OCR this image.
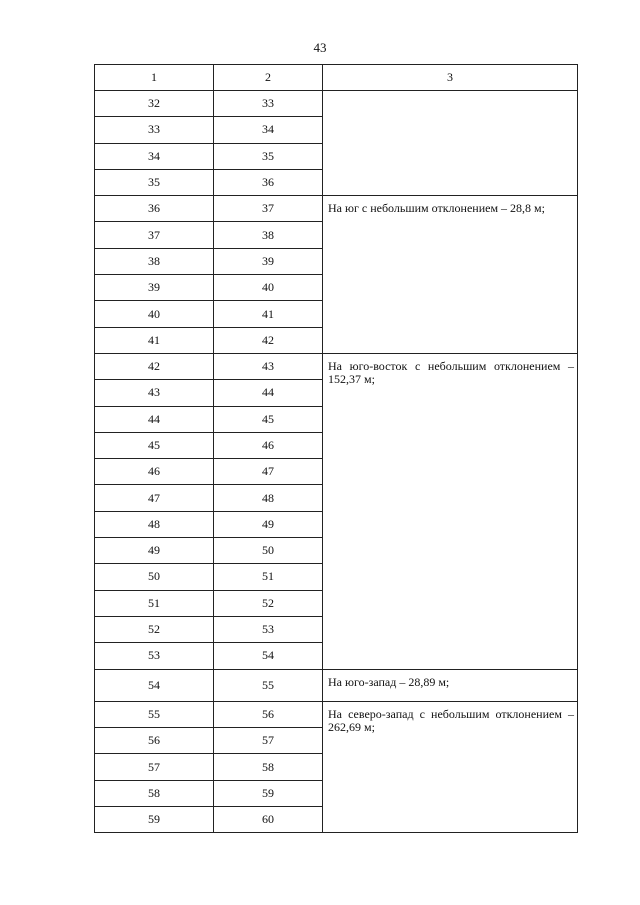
43
1	2	3
32	33	

33	34	
34	35	
35	36	
36	37	На юг с небольшим отклонением – 28,8 м;

37	38	
38	39	
39	40	
40	41	
41	42	
42	43	На юго-восток с небольшим отклонением – 152,37 м;

43	44	
44	45	
45	46	
46	47	
47	48	
48	49	
49	50	
50	51	
51	52	
52	53	
53	54	
54	55	На юго-запад – 28,89 м;

55	56	На северо-запад с небольшим отклонением – 262,69 м;

56	57	
57	58	
58	59	
59	60	
